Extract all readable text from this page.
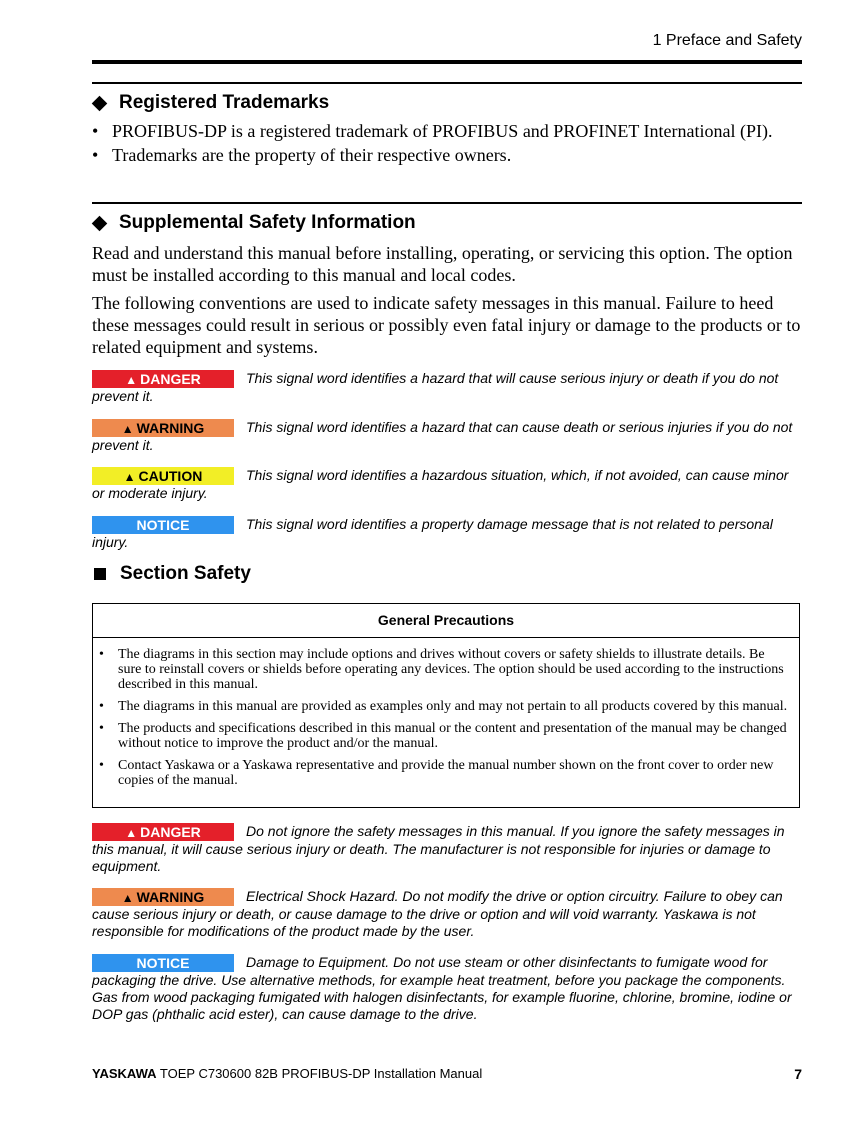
1 Preface and Safety
Registered Trademarks
• PROFIBUS-DP is a registered trademark of PROFIBUS and PROFINET International (PI).
• Trademarks are the property of their respective owners.
Supplemental Safety Information
Read and understand this manual before installing, operating, or servicing this option. The option must be installed according to this manual and local codes.
The following conventions are used to indicate safety messages in this manual. Failure to heed these messages could result in serious or possibly even fatal injury or damage to the products or to related equipment and systems.
▲ DANGER	This signal word identifies a hazard that will cause serious injury or death if you do not prevent it.
▲ WARNING	This signal word identifies a hazard that can cause death or serious injuries if you do not prevent it.
▲ CAUTION	This signal word identifies a hazardous situation, which, if not avoided, can cause minor or moderate injury.
NOTICE	This signal word identifies a property damage message that is not related to personal injury.
Section Safety
General Precautions
• The diagrams in this section may include options and drives without covers or safety shields to illustrate details. Be sure to reinstall covers or shields before operating any devices. The option should be used according to the instructions described in this manual.
• The diagrams in this manual are provided as examples only and may not pertain to all products covered by this manual.
• The products and specifications described in this manual or the content and presentation of the manual may be changed without notice to improve the product and/or the manual.
• Contact Yaskawa or a Yaskawa representative and provide the manual number shown on the front cover to order new copies of the manual.
▲ DANGER	Do not ignore the safety messages in this manual. If you ignore the safety messages in this manual, it will cause serious injury or death. The manufacturer is not responsible for injuries or damage to equipment.
▲ WARNING	Electrical Shock Hazard. Do not modify the drive or option circuitry. Failure to obey can cause serious injury or death, or cause damage to the drive or option and will void warranty. Yaskawa is not responsible for modifications of the product made by the user.
NOTICE	Damage to Equipment. Do not use steam or other disinfectants to fumigate wood for packaging the drive. Use alternative methods, for example heat treatment, before you package the components. Gas from wood packaging fumigated with halogen disinfectants, for example fluorine, chlorine, bromine, iodine or DOP gas (phthalic acid ester), can cause damage to the drive.
YASKAWA TOEP C730600 82B PROFIBUS-DP Installation Manual	7
